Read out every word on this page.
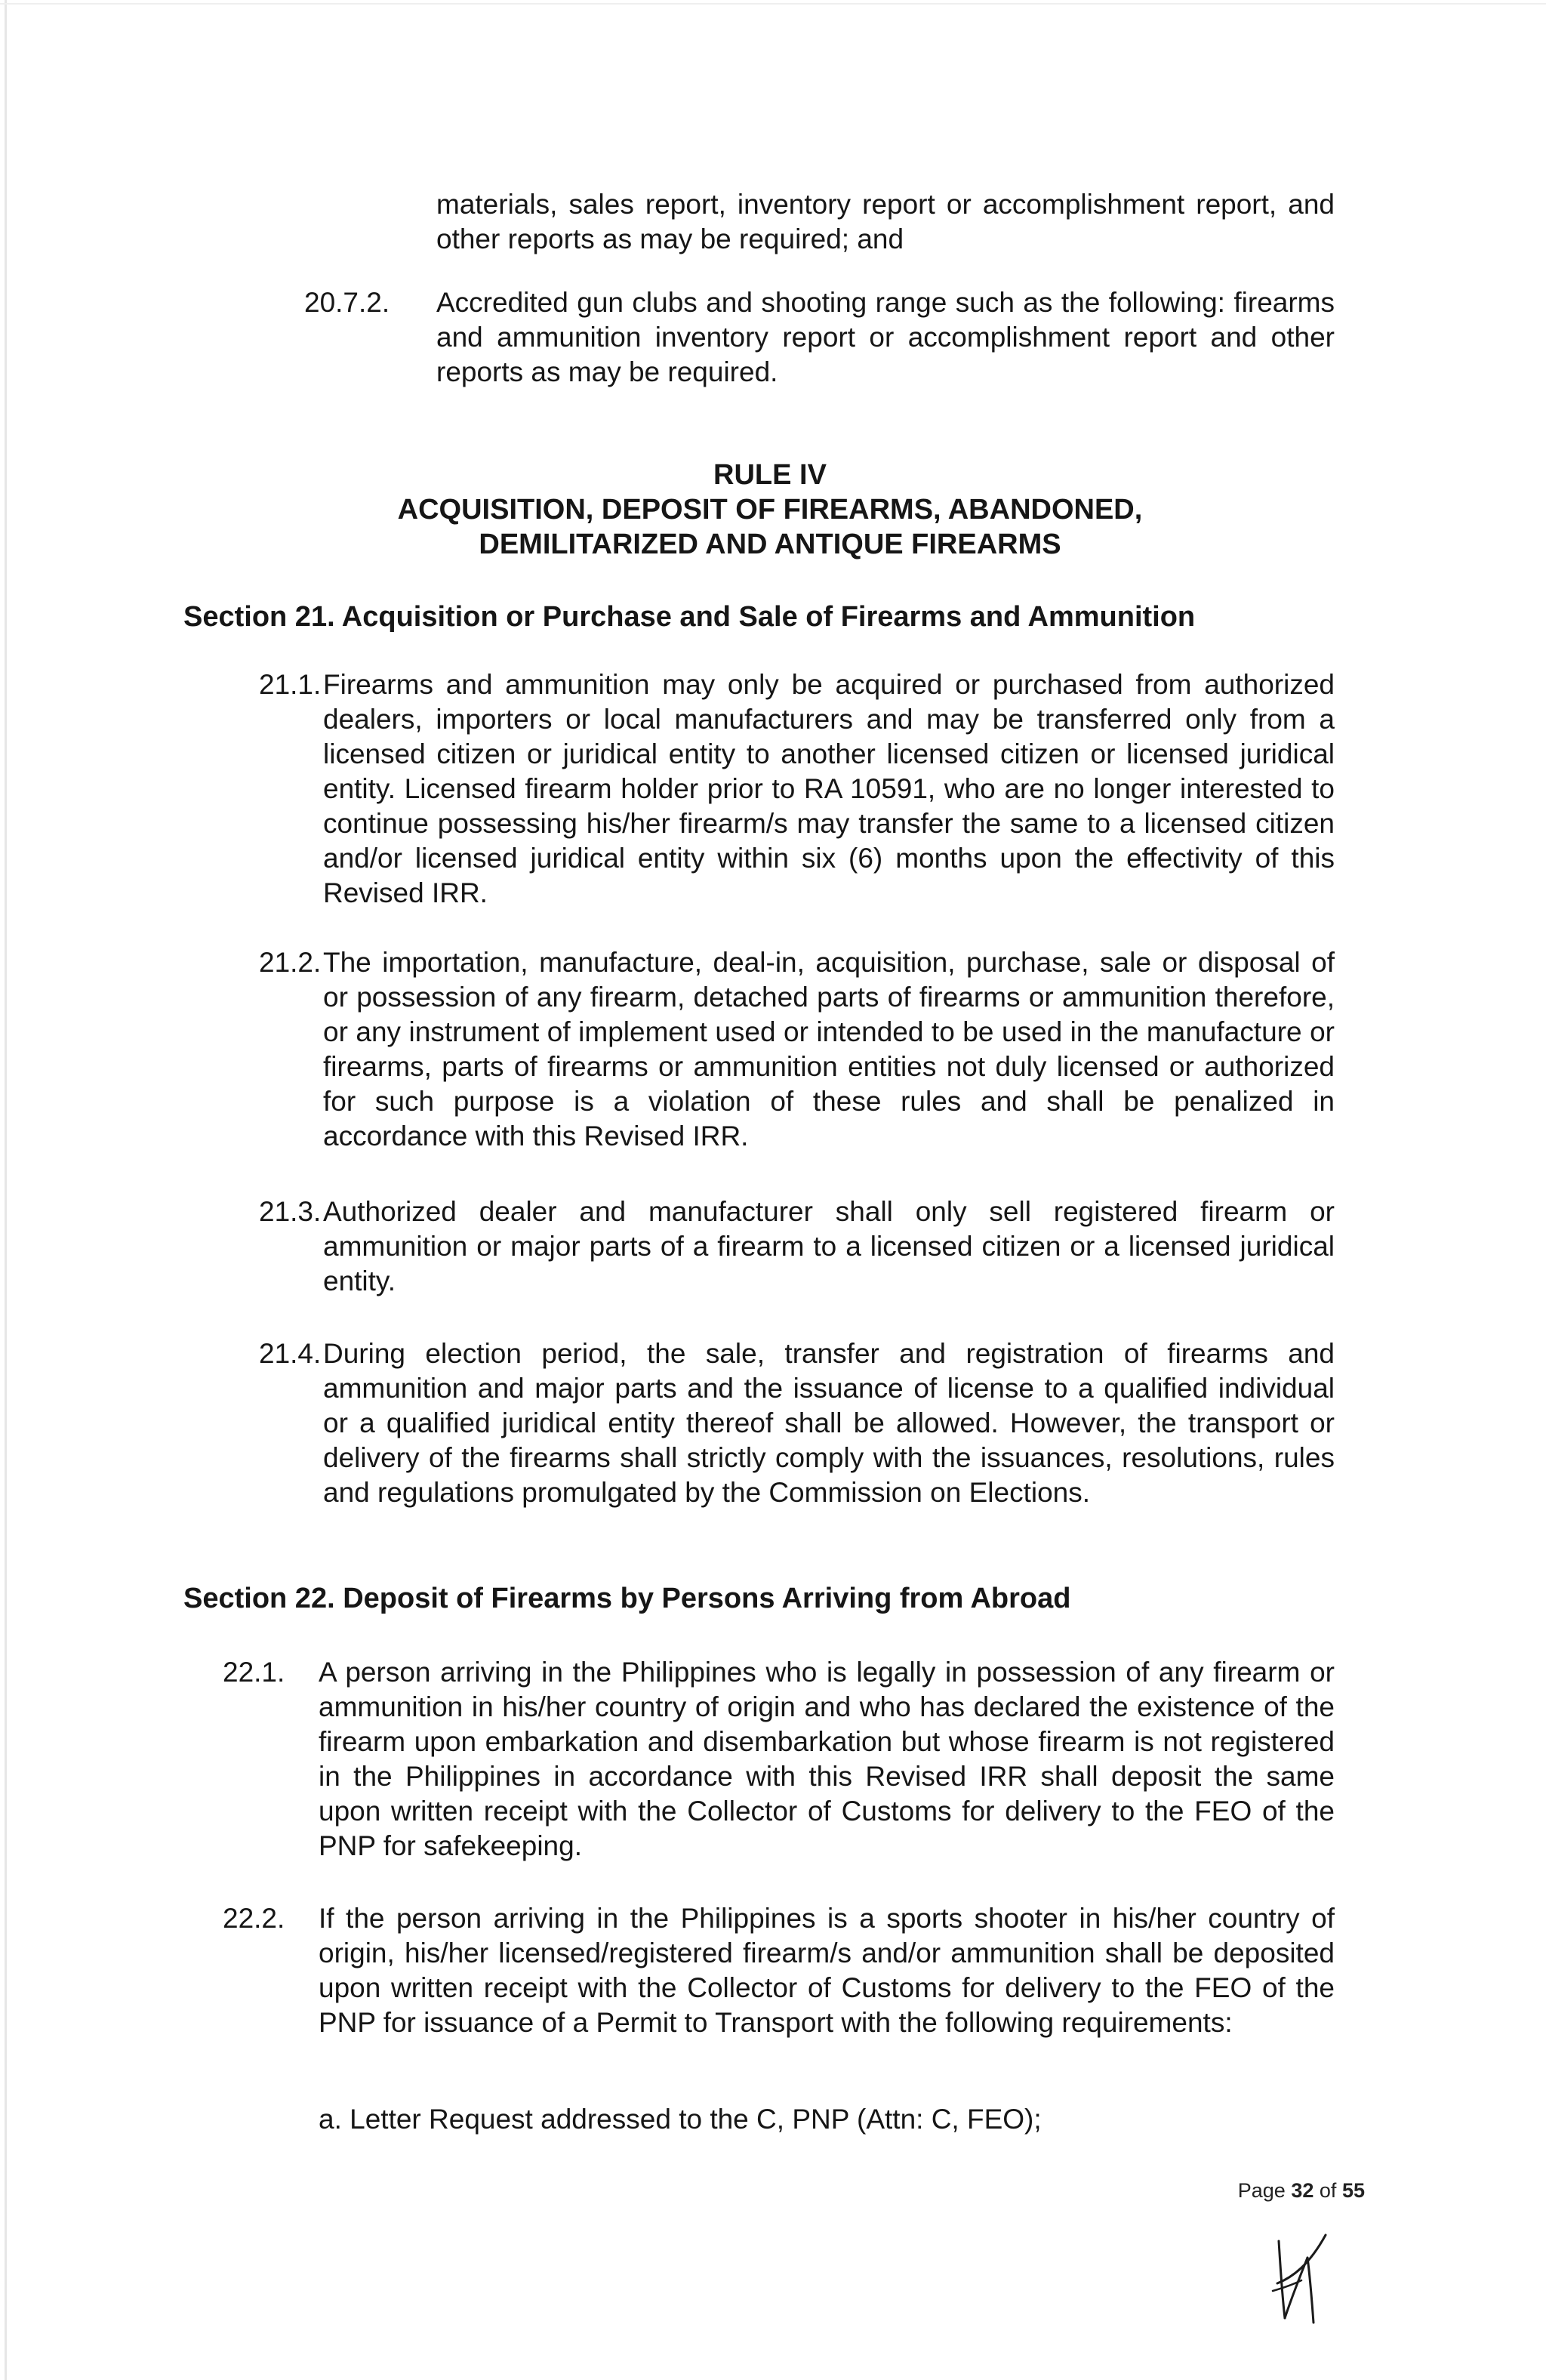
materials, sales report, inventory report or accomplishment report, and other reports as may be required; and

20.7.2. Accredited gun clubs and shooting range such as the following: firearms and ammunition inventory report or accomplishment report and other reports as may be required.

RULE IV
ACQUISITION, DEPOSIT OF FIREARMS, ABANDONED,
DEMILITARIZED AND ANTIQUE FIREARMS
Section 21. Acquisition or Purchase and Sale of Firearms and Ammunition
21.1. Firearms and ammunition may only be acquired or purchased from authorized dealers, importers or local manufacturers and may be transferred only from a licensed citizen or juridical entity to another licensed citizen or licensed juridical entity. Licensed firearm holder prior to RA 10591, who are no longer interested to continue possessing his/her firearm/s may transfer the same to a licensed citizen and/or licensed juridical entity within six (6) months upon the effectivity of this Revised IRR.

21.2. The importation, manufacture, deal-in, acquisition, purchase, sale or disposal of or possession of any firearm, detached parts of firearms or ammunition therefore, or any instrument of implement used or intended to be used in the manufacture or firearms, parts of firearms or ammunition entities not duly licensed or authorized for such purpose is a violation of these rules and shall be penalized in accordance with this Revised IRR.

21.3. Authorized dealer and manufacturer shall only sell registered firearm or ammunition or major parts of a firearm to a licensed citizen or a licensed juridical entity.

21.4. During election period, the sale, transfer and registration of firearms and ammunition and major parts and the issuance of license to a qualified individual or a qualified juridical entity thereof shall be allowed. However, the transport or delivery of the firearms shall strictly comply with the issuances, resolutions, rules and regulations promulgated by the Commission on Elections.

Section 22. Deposit of Firearms by Persons Arriving from Abroad
22.1. A person arriving in the Philippines who is legally in possession of any firearm or ammunition in his/her country of origin and who has declared the existence of the firearm upon embarkation and disembarkation but whose firearm is not registered in the Philippines in accordance with this Revised IRR shall deposit the same upon written receipt with the Collector of Customs for delivery to the FEO of the PNP for safekeeping.

22.2. If the person arriving in the Philippines is a sports shooter in his/her country of origin, his/her licensed/registered firearm/s and/or ammunition shall be deposited upon written receipt with the Collector of Customs for delivery to the FEO of the PNP for issuance of a Permit to Transport with the following requirements:

a. Letter Request addressed to the C, PNP (Attn: C, FEO);
Page 32 of 55
